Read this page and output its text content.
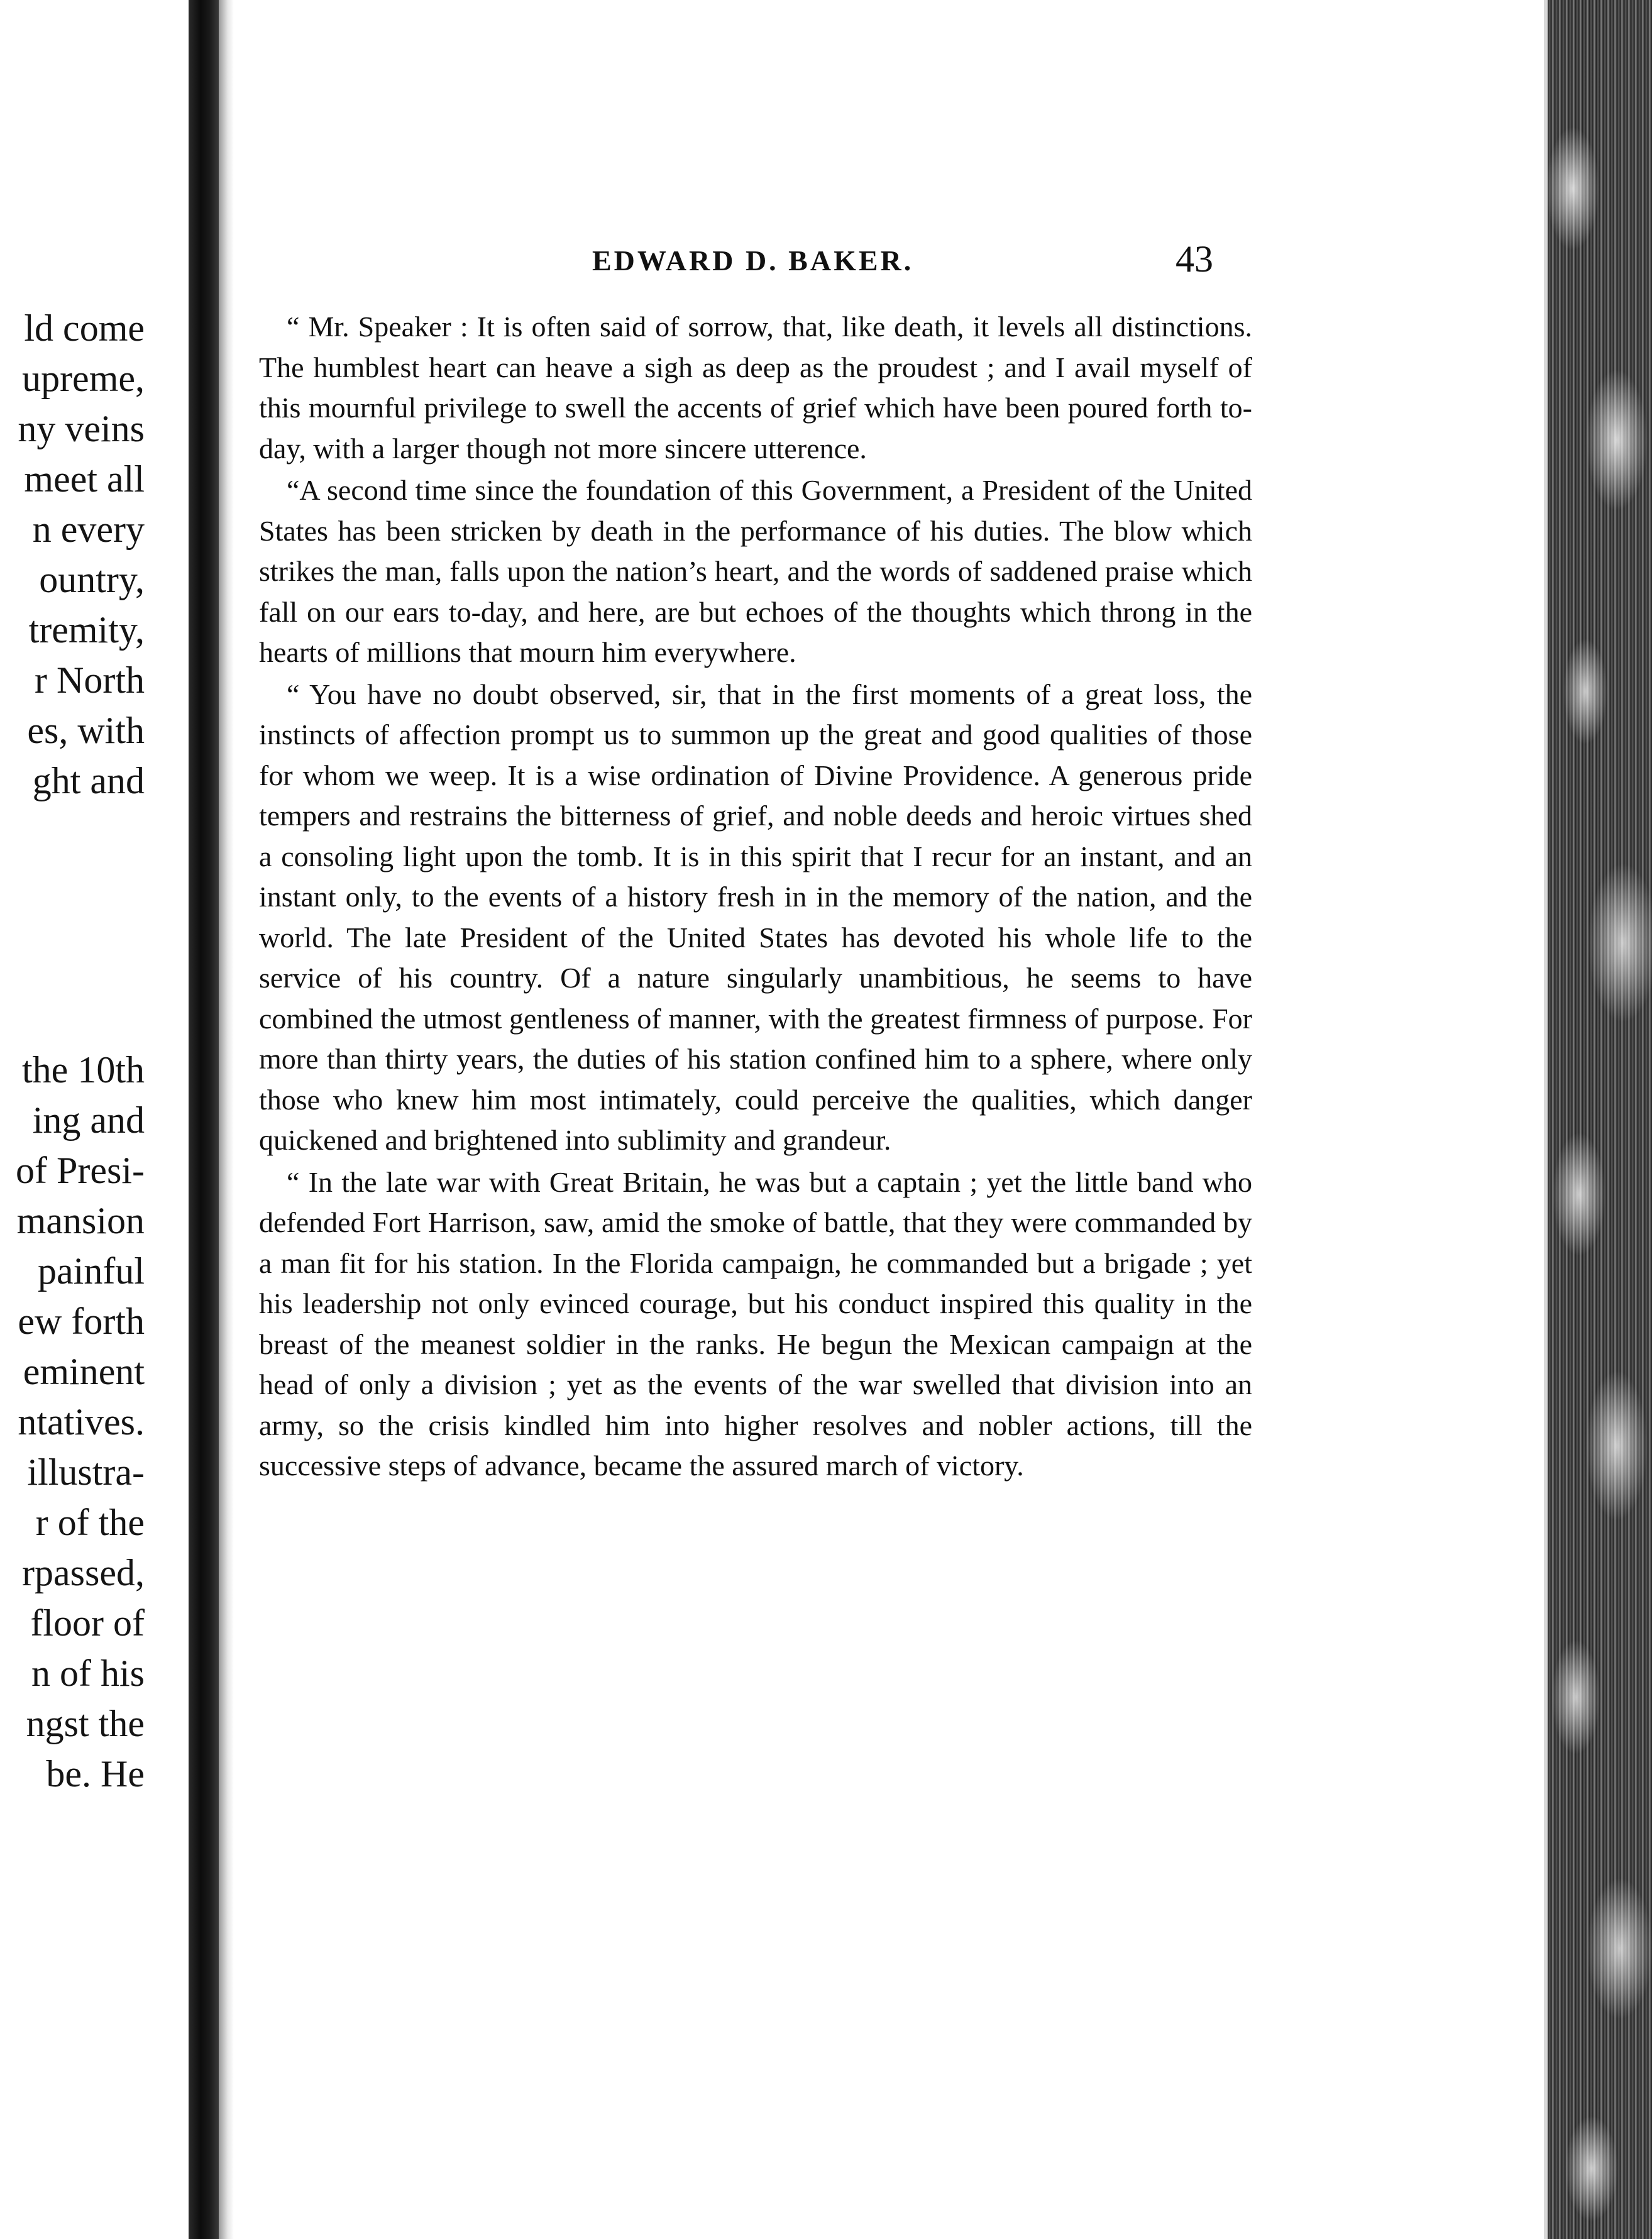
ld come
upreme,
ny veins
meet all
n every
ountry,
tremity,
r North
es, with
ght and
the 10th
ing and
of Presi-
mansion
painful
ew forth
eminent
ntatives.
illustra-
r of the
rpassed,
floor of
n of his
ngst the
be. He
EDWARD D. BAKER.	43

“ Mr. Speaker : It is often said of sorrow, that, like death, it levels all distinctions. The humblest heart can heave a sigh as deep as the proudest ; and I avail myself of this mournful privilege to swell the accents of grief which have been poured forth to-day, with a larger though not more sincere utterence.

“A second time since the foundation of this Government, a President of the United States has been stricken by death in the performance of his duties. The blow which strikes the man, falls upon the nation’s heart, and the words of saddened praise which fall on our ears to-day, and here, are but echoes of the thoughts which throng in the hearts of millions that mourn him everywhere.

“ You have no doubt observed, sir, that in the first moments of a great loss, the instincts of affection prompt us to summon up the great and good qualities of those for whom we weep. It is a wise ordination of Divine Providence. A generous pride tempers and restrains the bitterness of grief, and noble deeds and heroic virtues shed a consoling light upon the tomb. It is in this spirit that I recur for an instant, and an instant only, to the events of a history fresh in in the memory of the nation, and the world. The late President of the United States has devoted his whole life to the service of his country. Of a nature singularly unambitious, he seems to have combined the utmost gentleness of manner, with the greatest firmness of purpose. For more than thirty years, the duties of his station confined him to a sphere, where only those who knew him most intimately, could perceive the qualities, which danger quickened and brightened into sublimity and grandeur.

“ In the late war with Great Britain, he was but a captain ; yet the little band who defended Fort Harrison, saw, amid the smoke of battle, that they were commanded by a man fit for his station. In the Florida campaign, he commanded but a brigade ; yet his leadership not only evinced courage, but his conduct inspired this quality in the breast of the meanest soldier in the ranks. He begun the Mexican campaign at the head of only a division ; yet as the events of the war swelled that division into an army, so the crisis kindled him into higher resolves and nobler actions, till the successive steps of advance, became the assured march of victory.
